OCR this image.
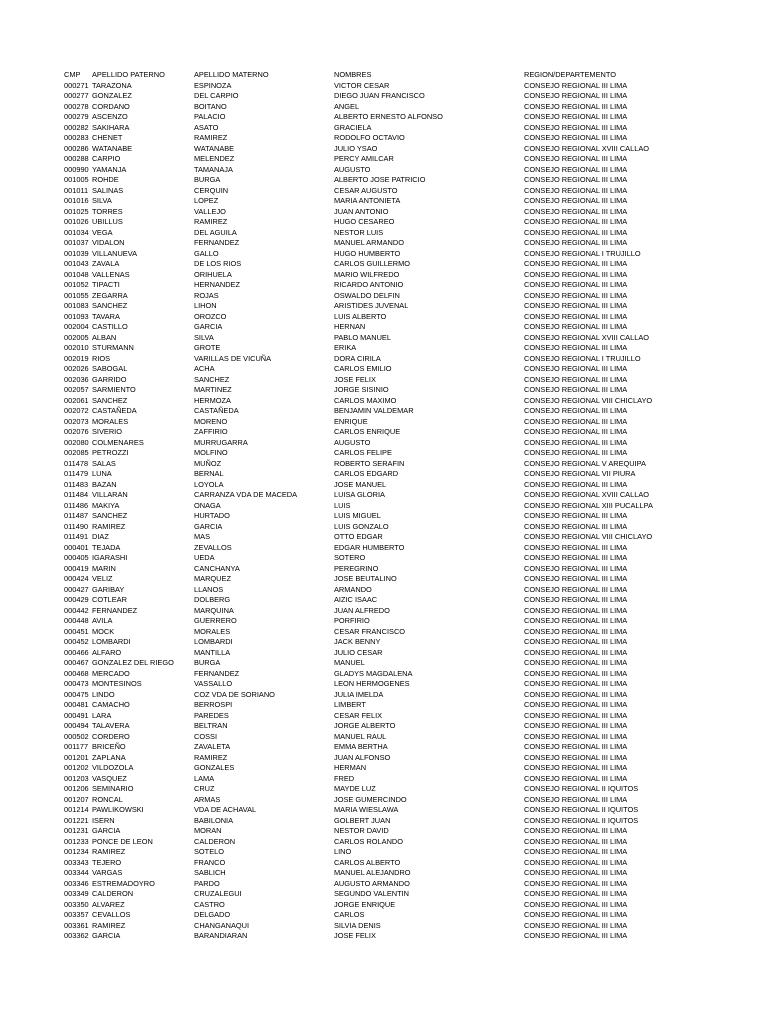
CMP	APELLIDO PATERNO	APELLIDO MATERNO	NOMBRES	REGION/DEPARTEMENTO
000271	TARAZONA	ESPINOZA	VICTOR CESAR	CONSEJO REGIONAL III LIMA
000277	GONZALEZ	DEL CARPIO	DIEGO JUAN FRANCISCO	CONSEJO REGIONAL III LIMA
000278	CORDANO	BOITANO	ANGEL	CONSEJO REGIONAL III LIMA
000279	ASCENZO	PALACIO	ALBERTO ERNESTO ALFONSO	CONSEJO REGIONAL III LIMA
000282	SAKIHARA	ASATO	GRACIELA	CONSEJO REGIONAL III LIMA
000283	CHENET	RAMIREZ	RODOLFO OCTAVIO	CONSEJO REGIONAL III LIMA
000286	WATANABE	WATANABE	JULIO YSAO	CONSEJO REGIONAL XVIII CALLAO
000288	CARPIO	MELENDEZ	PERCY AMILCAR	CONSEJO REGIONAL III LIMA
000990	YAMANJA	TAMANAJA	AUGUSTO	CONSEJO REGIONAL III LIMA
001005	ROHDE	BURGA	ALBERTO JOSE PATRICIO	CONSEJO REGIONAL III LIMA
001011	SALINAS	CERQUIN	CESAR AUGUSTO	CONSEJO REGIONAL III LIMA
001016	SILVA	LOPEZ	MARIA ANTONIETA	CONSEJO REGIONAL III LIMA
001025	TORRES	VALLEJO	JUAN ANTONIO	CONSEJO REGIONAL III LIMA
001026	UBILLUS	RAMIREZ	HUGO CESAREO	CONSEJO REGIONAL III LIMA
001034	VEGA	DEL AGUILA	NESTOR LUIS	CONSEJO REGIONAL III LIMA
001037	VIDALON	FERNANDEZ	MANUEL ARMANDO	CONSEJO REGIONAL III LIMA
001039	VILLANUEVA	GALLO	HUGO HUMBERTO	CONSEJO REGIONAL I TRUJILLO
001043	ZAVALA	DE LOS RIOS	CARLOS GUILLERMO	CONSEJO REGIONAL III LIMA
001048	VALLENAS	ORIHUELA	MARIO WILFREDO	CONSEJO REGIONAL III LIMA
001052	TIPACTI	HERNANDEZ	RICARDO ANTONIO	CONSEJO REGIONAL III LIMA
001055	ZEGARRA	ROJAS	OSWALDO DELFIN	CONSEJO REGIONAL III LIMA
001083	SANCHEZ	LIHON	ARISTIDES JUVENAL	CONSEJO REGIONAL III LIMA
001093	TAVARA	OROZCO	LUIS ALBERTO	CONSEJO REGIONAL III LIMA
002004	CASTILLO	GARCIA	HERNAN	CONSEJO REGIONAL III LIMA
002005	ALBAN	SILVA	PABLO MANUEL	CONSEJO REGIONAL XVIII CALLAO
002010	STURMANN	GROTE	ERIKA	CONSEJO REGIONAL III LIMA
002019	RIOS	VARILLAS DE VICUÑA	DORA CIRILA	CONSEJO REGIONAL I TRUJILLO
002026	SABOGAL	ACHA	CARLOS EMILIO	CONSEJO REGIONAL III LIMA
002036	GARRIDO	SANCHEZ	JOSE FELIX	CONSEJO REGIONAL III LIMA
002057	SARMIENTO	MARTINEZ	JORGE SISINIO	CONSEJO REGIONAL III LIMA
002061	SANCHEZ	HERMOZA	CARLOS MAXIMO	CONSEJO REGIONAL VIII CHICLAYO
002072	CASTAÑEDA	CASTAÑEDA	BENJAMIN VALDEMAR	CONSEJO REGIONAL III LIMA
002073	MORALES	MORENO	ENRIQUE	CONSEJO REGIONAL III LIMA
002076	SIVERIO	ZAFFIRIO	CARLOS ENRIQUE	CONSEJO REGIONAL III LIMA
002080	COLMENARES	MURRUGARRA	AUGUSTO	CONSEJO REGIONAL III LIMA
002085	PETROZZI	MOLFINO	CARLOS FELIPE	CONSEJO REGIONAL III LIMA
011478	SALAS	MUÑOZ	ROBERTO SERAFIN	CONSEJO REGIONAL V AREQUIPA
011479	LUNA	BERNAL	CARLOS EDGARD	CONSEJO REGIONAL VII PIURA
011483	BAZAN	LOYOLA	JOSE MANUEL	CONSEJO REGIONAL III LIMA
011484	VILLARAN	CARRANZA VDA DE MACEDA	LUISA GLORIA	CONSEJO REGIONAL XVIII CALLAO
011486	MAKIYA	ONAGA	LUIS	CONSEJO REGIONAL XIII PUCALLPA
011487	SANCHEZ	HURTADO	LUIS MIGUEL	CONSEJO REGIONAL III LIMA
011490	RAMIREZ	GARCIA	LUIS GONZALO	CONSEJO REGIONAL III LIMA
011491	DIAZ	MAS	OTTO EDGAR	CONSEJO REGIONAL VIII CHICLAYO
000401	TEJADA	ZEVALLOS	EDGAR HUMBERTO	CONSEJO REGIONAL III LIMA
000405	IGARASHI	UEDA	SOTERO	CONSEJO REGIONAL III LIMA
000419	MARIN	CANCHANYA	PEREGRINO	CONSEJO REGIONAL III LIMA
000424	VELIZ	MARQUEZ	JOSE BEUTALINO	CONSEJO REGIONAL III LIMA
000427	GARIBAY	LLANOS	ARMANDO	CONSEJO REGIONAL III LIMA
000429	COTLEAR	DOLBERG	AIZIC ISAAC	CONSEJO REGIONAL III LIMA
000442	FERNANDEZ	MARQUINA	JUAN ALFREDO	CONSEJO REGIONAL III LIMA
000448	AVILA	GUERRERO	PORFIRIO	CONSEJO REGIONAL III LIMA
000451	MOCK	MORALES	CESAR FRANCISCO	CONSEJO REGIONAL III LIMA
000452	LOMBARDI	LOMBARDI	JACK BENNY	CONSEJO REGIONAL III LIMA
000466	ALFARO	MANTILLA	JULIO CESAR	CONSEJO REGIONAL III LIMA
000467	GONZALEZ DEL RIEGO	BURGA	MANUEL	CONSEJO REGIONAL III LIMA
000468	MERCADO	FERNANDEZ	GLADYS MAGDALENA	CONSEJO REGIONAL III LIMA
000473	MONTESINOS	VASSALLO	LEON HERMOGENES	CONSEJO REGIONAL III LIMA
000475	LINDO	COZ VDA DE SORIANO	JULIA IMELDA	CONSEJO REGIONAL III LIMA
000481	CAMACHO	BERROSPI	LIMBERT	CONSEJO REGIONAL III LIMA
000491	LARA	PAREDES	CESAR FELIX	CONSEJO REGIONAL III LIMA
000494	TALAVERA	BELTRAN	JORGE ALBERTO	CONSEJO REGIONAL III LIMA
000502	CORDERO	COSSI	MANUEL RAUL	CONSEJO REGIONAL III LIMA
001177	BRICEÑO	ZAVALETA	EMMA BERTHA	CONSEJO REGIONAL III LIMA
001201	ZAPLANA	RAMIREZ	JUAN ALFONSO	CONSEJO REGIONAL III LIMA
001202	VILDOZOLA	GONZALES	HERMAN	CONSEJO REGIONAL III LIMA
001203	VASQUEZ	LAMA	FRED	CONSEJO REGIONAL III LIMA
001206	SEMINARIO	CRUZ	MAYDE LUZ	CONSEJO REGIONAL II IQUITOS
001207	RONCAL	ARMAS	JOSE GUMERCINDO	CONSEJO REGIONAL III LIMA
001214	PAWLIKOWSKI	VDA DE ACHAVAL	MARIA WIESLAWA	CONSEJO REGIONAL II IQUITOS
001221	ISERN	BABILONIA	GOLBERT JUAN	CONSEJO REGIONAL II IQUITOS
001231	GARCIA	MORAN	NESTOR DAVID	CONSEJO REGIONAL III LIMA
001233	PONCE DE LEON	CALDERON	CARLOS ROLANDO	CONSEJO REGIONAL III LIMA
001234	RAMIREZ	SOTELO	LINO	CONSEJO REGIONAL III LIMA
003343	TEJERO	FRANCO	CARLOS ALBERTO	CONSEJO REGIONAL III LIMA
003344	VARGAS	SABLICH	MANUEL ALEJANDRO	CONSEJO REGIONAL III LIMA
003346	ESTREMADOYRO	PARDO	AUGUSTO ARMANDO	CONSEJO REGIONAL III LIMA
003349	CALDERON	CRUZALEGUI	SEGUNDO VALENTIN	CONSEJO REGIONAL III LIMA
003350	ALVAREZ	CASTRO	JORGE ENRIQUE	CONSEJO REGIONAL III LIMA
003357	CEVALLOS	DELGADO	CARLOS	CONSEJO REGIONAL III LIMA
003361	RAMIREZ	CHANGANAQUI	SILVIA DENIS	CONSEJO REGIONAL III LIMA
003362	GARCIA	BARANDIARAN	JOSE FELIX	CONSEJO REGIONAL III LIMA
